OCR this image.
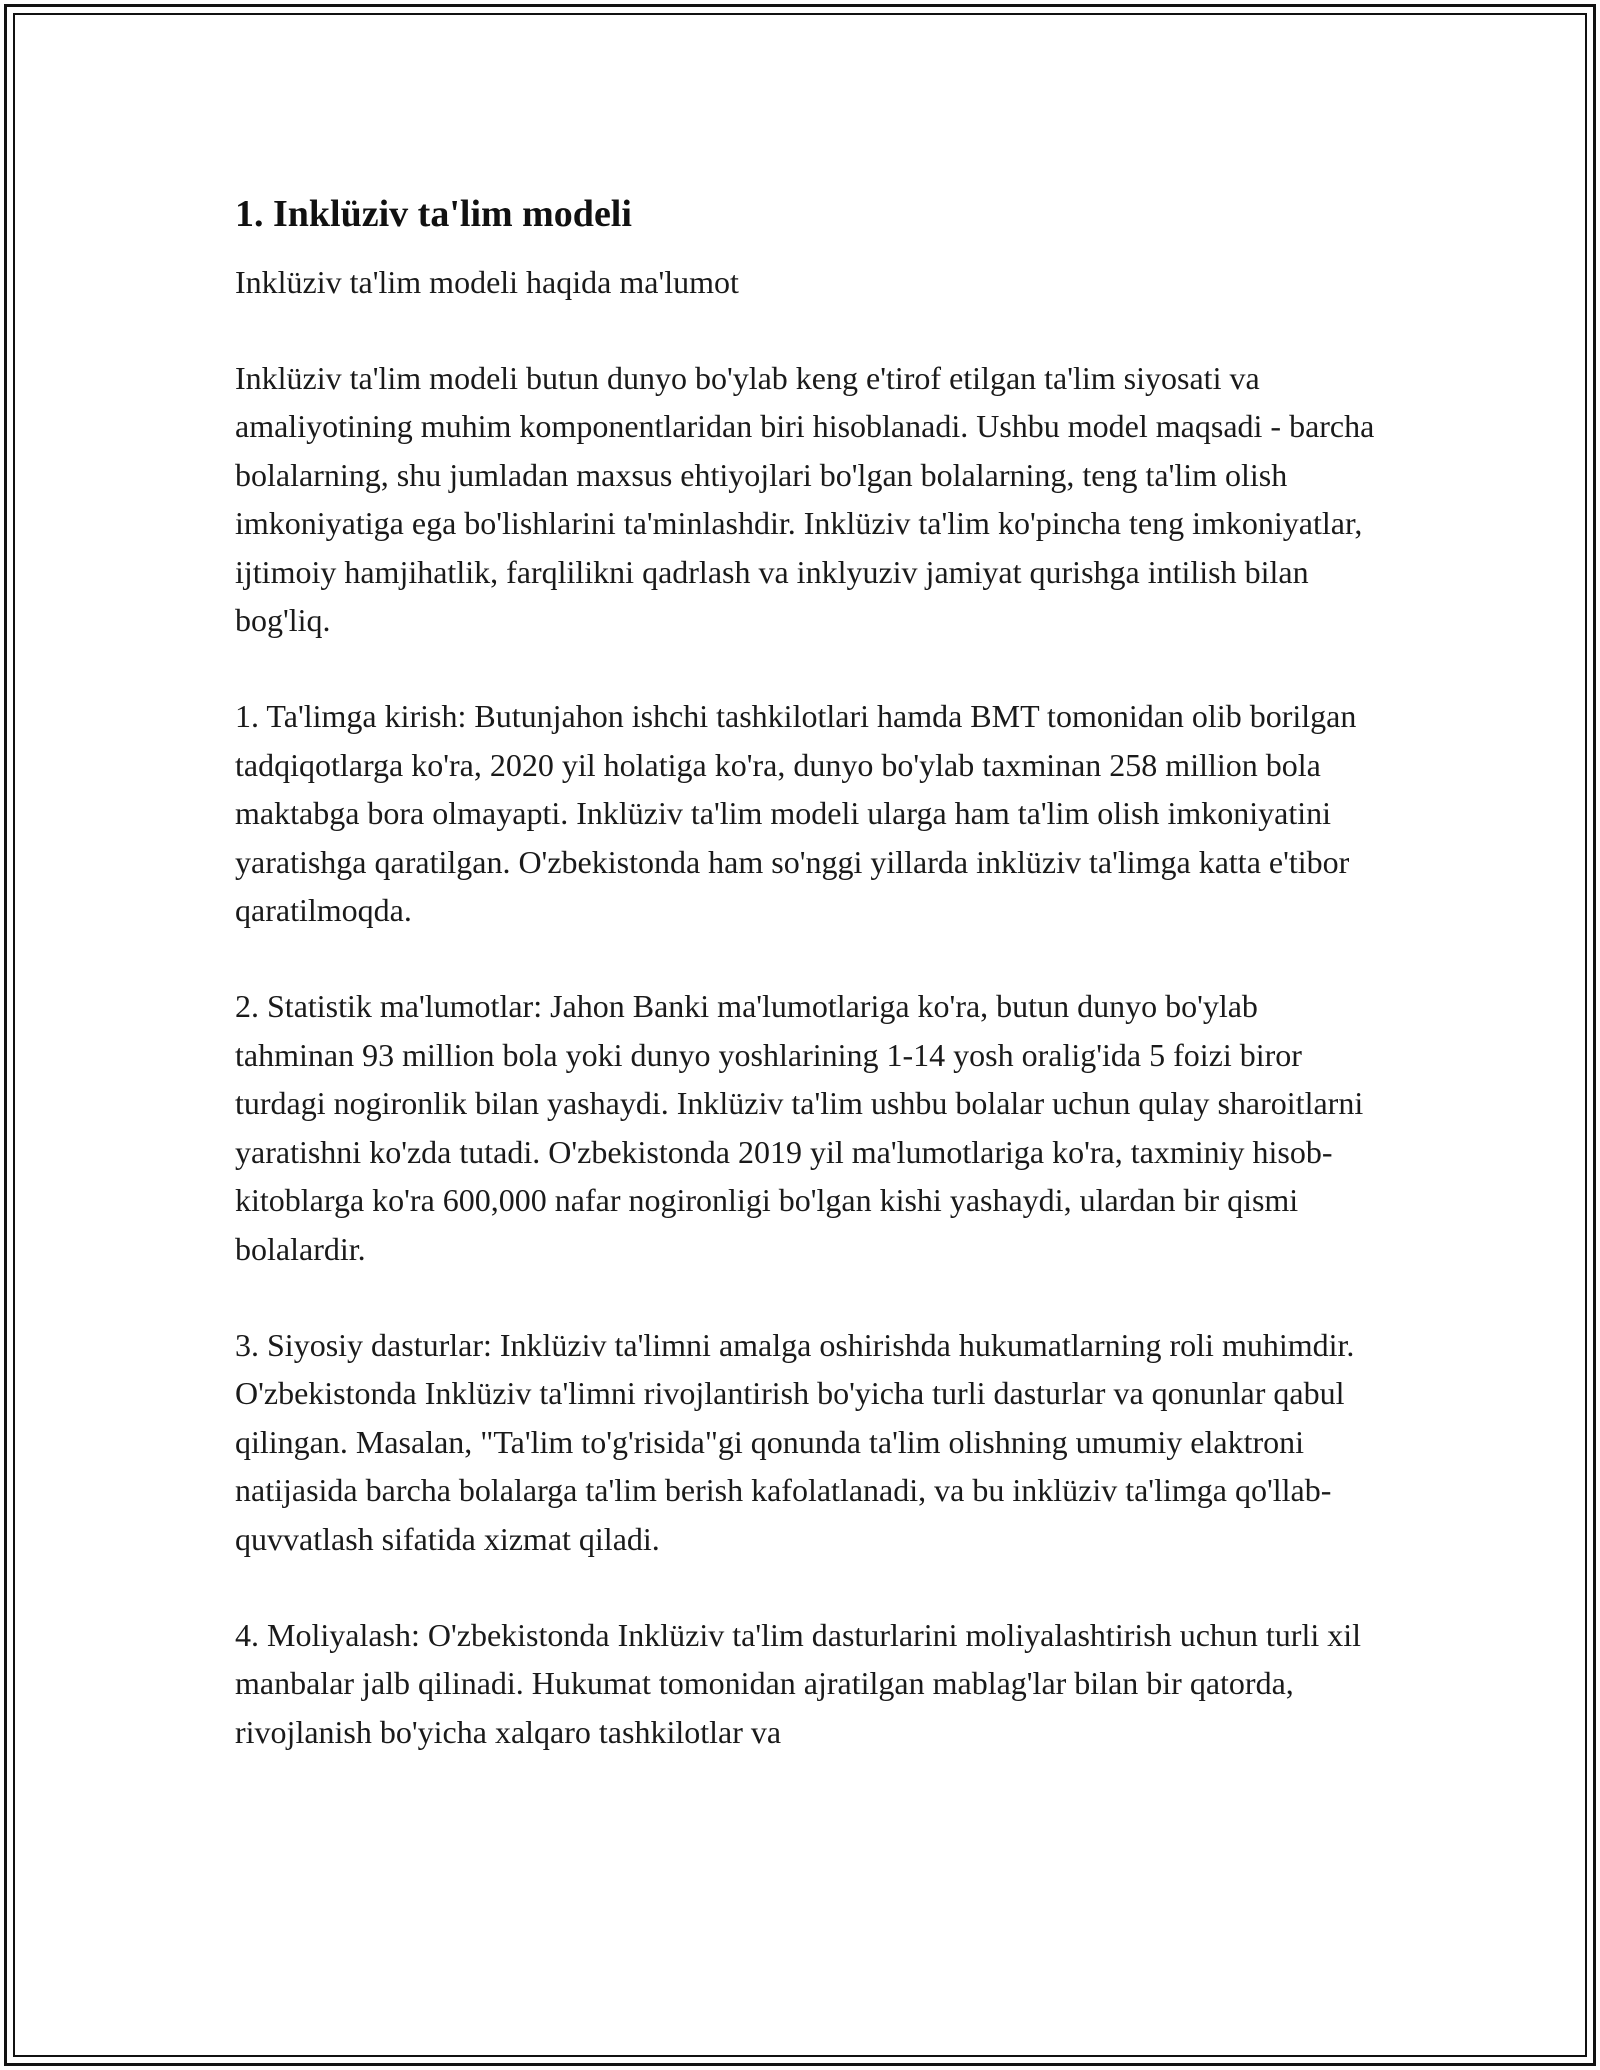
1. Inklüziv ta'lim modeli

Inklüziv ta'lim modeli haqida ma'lumot

Inklüziv ta'lim modeli butun dunyo bo'ylab keng e'tirof etilgan ta'lim siyosati va amaliyotining muhim komponentlaridan biri hisoblanadi. Ushbu model maqsadi - barcha bolalarning, shu jumladan maxsus ehtiyojlari bo'lgan bolalarning, teng ta'lim olish imkoniyatiga ega bo'lishlarini ta'minlashdir. Inklüziv ta'lim ko'pincha teng imkoniyatlar, ijtimoiy hamjihatlik, farqlilikni qadrlash va inklyuziv jamiyat qurishga intilish bilan bog'liq.

1. Ta'limga kirish: Butunjahon ishchi tashkilotlari hamda BMT tomonidan olib borilgan tadqiqotlarga ko'ra, 2020 yil holatiga ko'ra, dunyo bo'ylab taxminan 258 million bola maktabga bora olmayapti. Inklüziv ta'lim modeli ularga ham ta'lim olish imkoniyatini yaratishga qaratilgan. O'zbekistonda ham so'nggi yillarda inklüziv ta'limga katta e'tibor qaratilmoqda.

2. Statistik ma'lumotlar: Jahon Banki ma'lumotlariga ko'ra, butun dunyo bo'ylab tahminan 93 million bola yoki dunyo yoshlarining 1-14 yosh oralig'ida 5 foizi biror turdagi nogironlik bilan yashaydi. Inklüziv ta'lim ushbu bolalar uchun qulay sharoitlarni yaratishni ko'zda tutadi. O'zbekistonda 2019 yil ma'lumotlariga ko'ra, taxminiy hisob-kitoblarga ko'ra 600,000 nafar nogironligi bo'lgan kishi yashaydi, ulardan bir qismi bolalardir.

3. Siyosiy dasturlar: Inklüziv ta'limni amalga oshirishda hukumatlarning roli muhimdir. O'zbekistonda Inklüziv ta'limni rivojlantirish bo'yicha turli dasturlar va qonunlar qabul qilingan. Masalan, "Ta'lim to'g'risida"gi qonunda ta'lim olishning umumiy elaktroni natijasida barcha bolalarga ta'lim berish kafolatlanadi, va bu inklüziv ta'limga qo'llab-quvvatlash sifatida xizmat qiladi.

4. Moliyalash: O'zbekistonda Inklüziv ta'lim dasturlarini moliyalashtirish uchun turli xil manbalar jalb qilinadi. Hukumat tomonidan ajratilgan mablag'lar bilan bir qatorda, rivojlanish bo'yicha xalqaro tashkilotlar va
